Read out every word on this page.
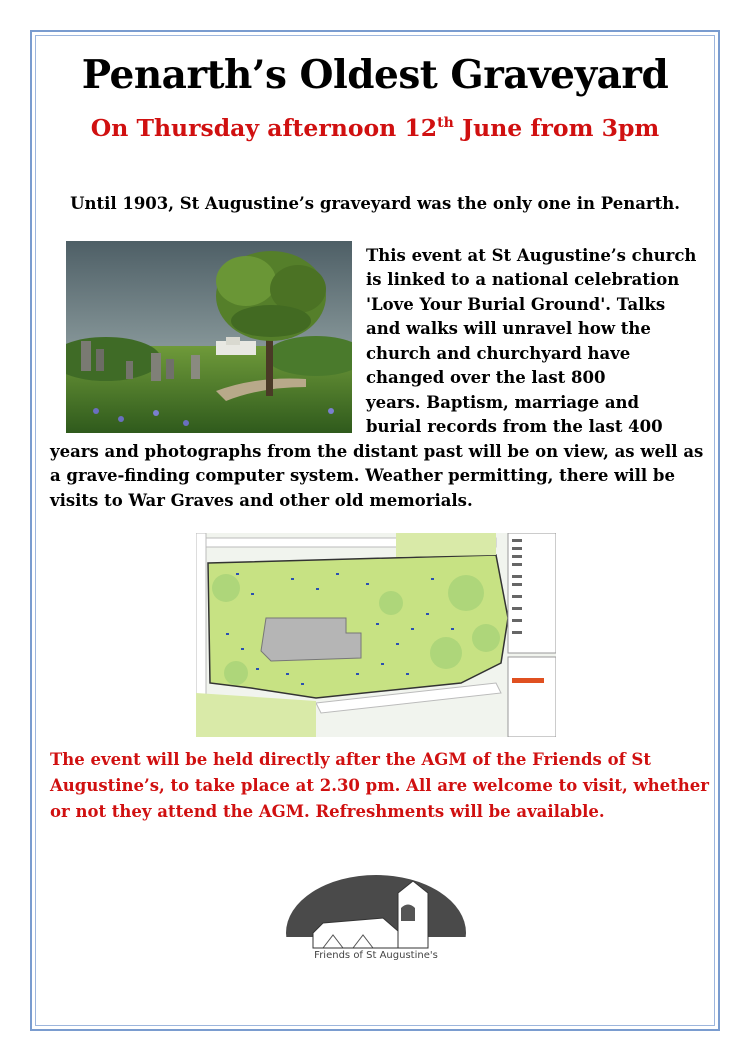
Penarth’s Oldest Graveyard
On Thursday afternoon 12th June from 3pm
Until 1903, St Augustine’s graveyard was the only one in Penarth.
This event at St Augustine’s church
is linked to a national celebration
'Love Your Burial Ground'. Talks
and walks will unravel how the
church and churchyard have
changed over the last 800
years. Baptism, marriage and
burial records from the last 400
years and photographs from the distant past will be on view, as well as
a grave-finding computer system. Weather permitting, there will be
visits to War Graves and other old memorials.
The event will be held directly after the AGM of the Friends of St
Augustine’s, to take place at 2.30 pm. All are welcome to visit, whether
or not they attend the AGM. Refreshments will be available.
Friends of St Augustine's
